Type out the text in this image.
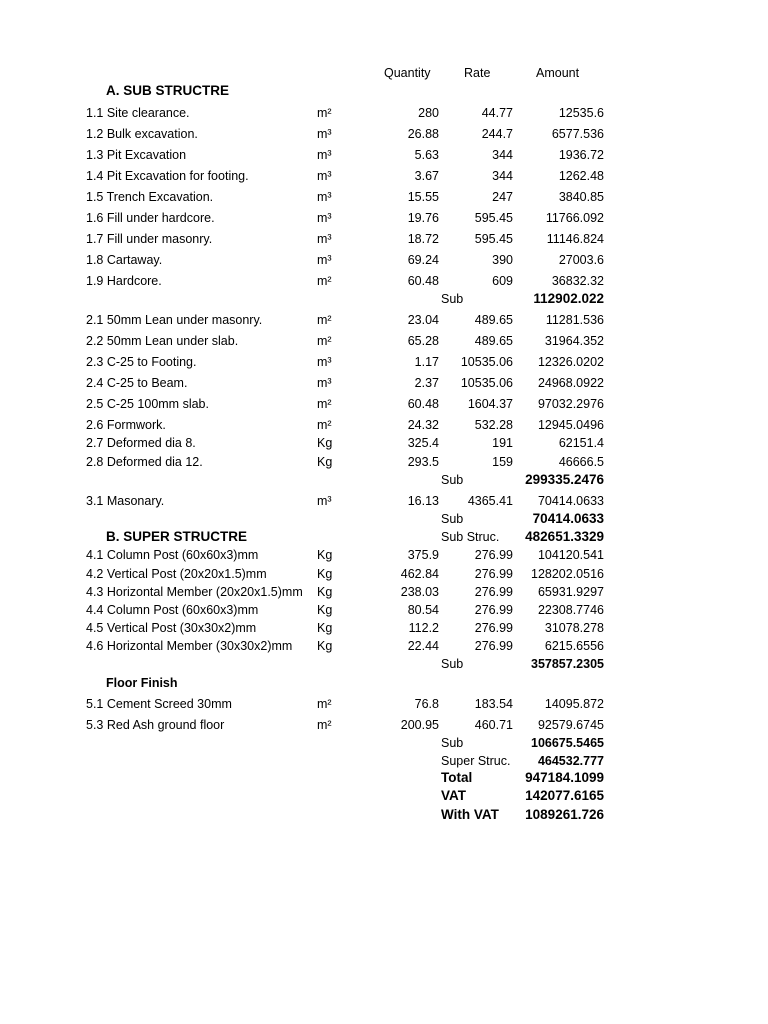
Quantity	Rate	Amount
A. SUB STRUCTRE
1.1 Site clearance.	m²	280	44.77	12535.6
1.2 Bulk excavation.	m³	26.88	244.7	6577.536
1.3 Pit Excavation	m³	5.63	344	1936.72
1.4 Pit Excavation for footing.	m³	3.67	344	1262.48
1.5 Trench Excavation.	m³	15.55	247	3840.85
1.6 Fill under hardcore.	m³	19.76	595.45	11766.092
1.7 Fill under masonry.	m³	18.72	595.45	11146.824
1.8 Cartaway.	m³	69.24	390	27003.6
1.9 Hardcore.	m²	60.48	609	36832.32
Sub	112902.022
2.1 50mm Lean under masonry.	m²	23.04	489.65	11281.536
2.2 50mm Lean under slab.	m²	65.28	489.65	31964.352
2.3 C-25 to Footing.	m³	1.17 10535.06 12326.0202
2.4 C-25 to Beam.	m³	2.37 10535.06 24968.0922
2.5 C-25 100mm slab.	m²	60.48 1604.37 97032.2976
2.6 Formwork.	m²	24.32	532.28 12945.0496
2.7 Deformed dia 8.	Kg	325.4	191	62151.4
2.8 Deformed dia 12.	Kg	293.5	159	46666.5
Sub	299335.2476
3.1 Masonary.	m³	16.13 4365.41 70414.0633
Sub	70414.0633
B. SUPER STRUCTRE	Sub Struc. 482651.3329
4.1 Column Post (60x60x3)mm	Kg	375.9	276.99 104120.541
4.2 Vertical Post (20x20x1.5)mm	Kg	462.84	276.99 128202.0516
4.3 Horizontal Member (20x20x1.5)mm Kg	238.03	276.99 65931.9297
4.4 Column Post (60x60x3)mm	Kg	80.54	276.99 22308.7746
4.5 Vertical Post (30x30x2)mm	Kg	112.2	276.99	31078.278
4.6 Horizontal Member (30x30x2)mm Kg	22.44	276.99	6215.6556
Sub	357857.2305
Floor Finish
5.1 Cement Screed 30mm	m²	76.8	183.54	14095.872
5.3 Red Ash ground floor	m²	200.95	460.71 92579.6745
Sub	106675.5465
Super Struc. 464532.777
Total	947184.1099
VAT	142077.6165
With VAT 1089261.726
